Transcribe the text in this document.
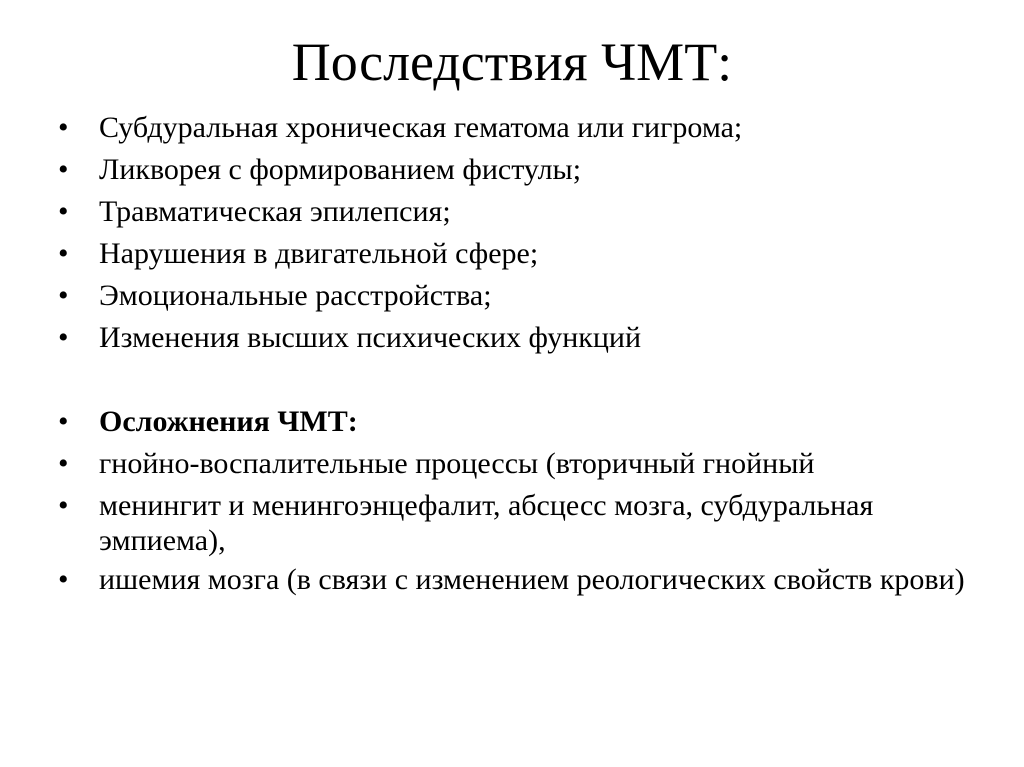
Последствия ЧМТ:
•	Субдуральная хроническая гематома или гигрома;
•	Ликворея с формированием фистулы;
•	Травматическая эпилепсия;
•	Нарушения в двигательной сфере;
•	Эмоциональные расстройства;
•	Изменения высших психических функций
•	Осложнения ЧМТ:
•	гнойно-воспалительные процессы (вторичный гнойный
•	менингит и менингоэнцефалит, абсцесс мозга, субдуральная эмпиема),
•	ишемия мозга (в связи с изменением реологических свойств крови)
